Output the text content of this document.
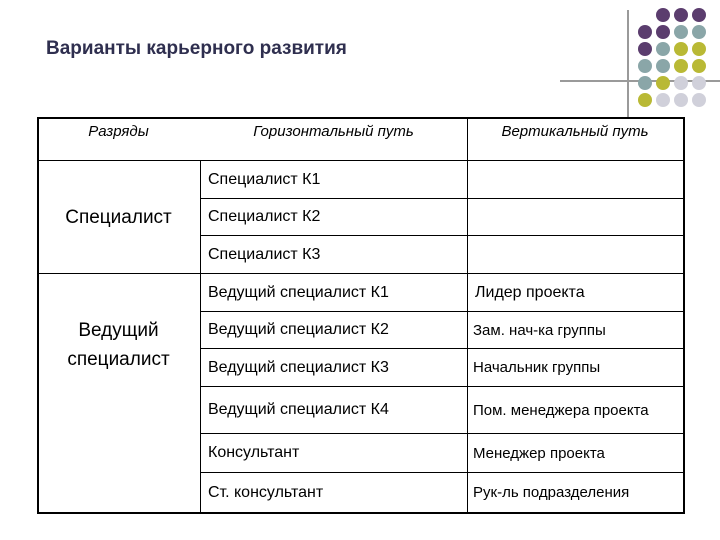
Варианты карьерного развития
Разряды	Горизонтальный путь	Вертикальный путь
Специалист
Ведущий
специалист
Специалист К1
Специалист К2
Специалист К3
Ведущий специалист К1
Ведущий специалист К2
Ведущий специалист К3
Ведущий специалист К4
Консультант
Ст. консультант
Лидер проекта
Зам. нач-ка группы
Начальник группы
Пом. менеджера проекта
Менеджер проекта
Рук-ль подразделения
